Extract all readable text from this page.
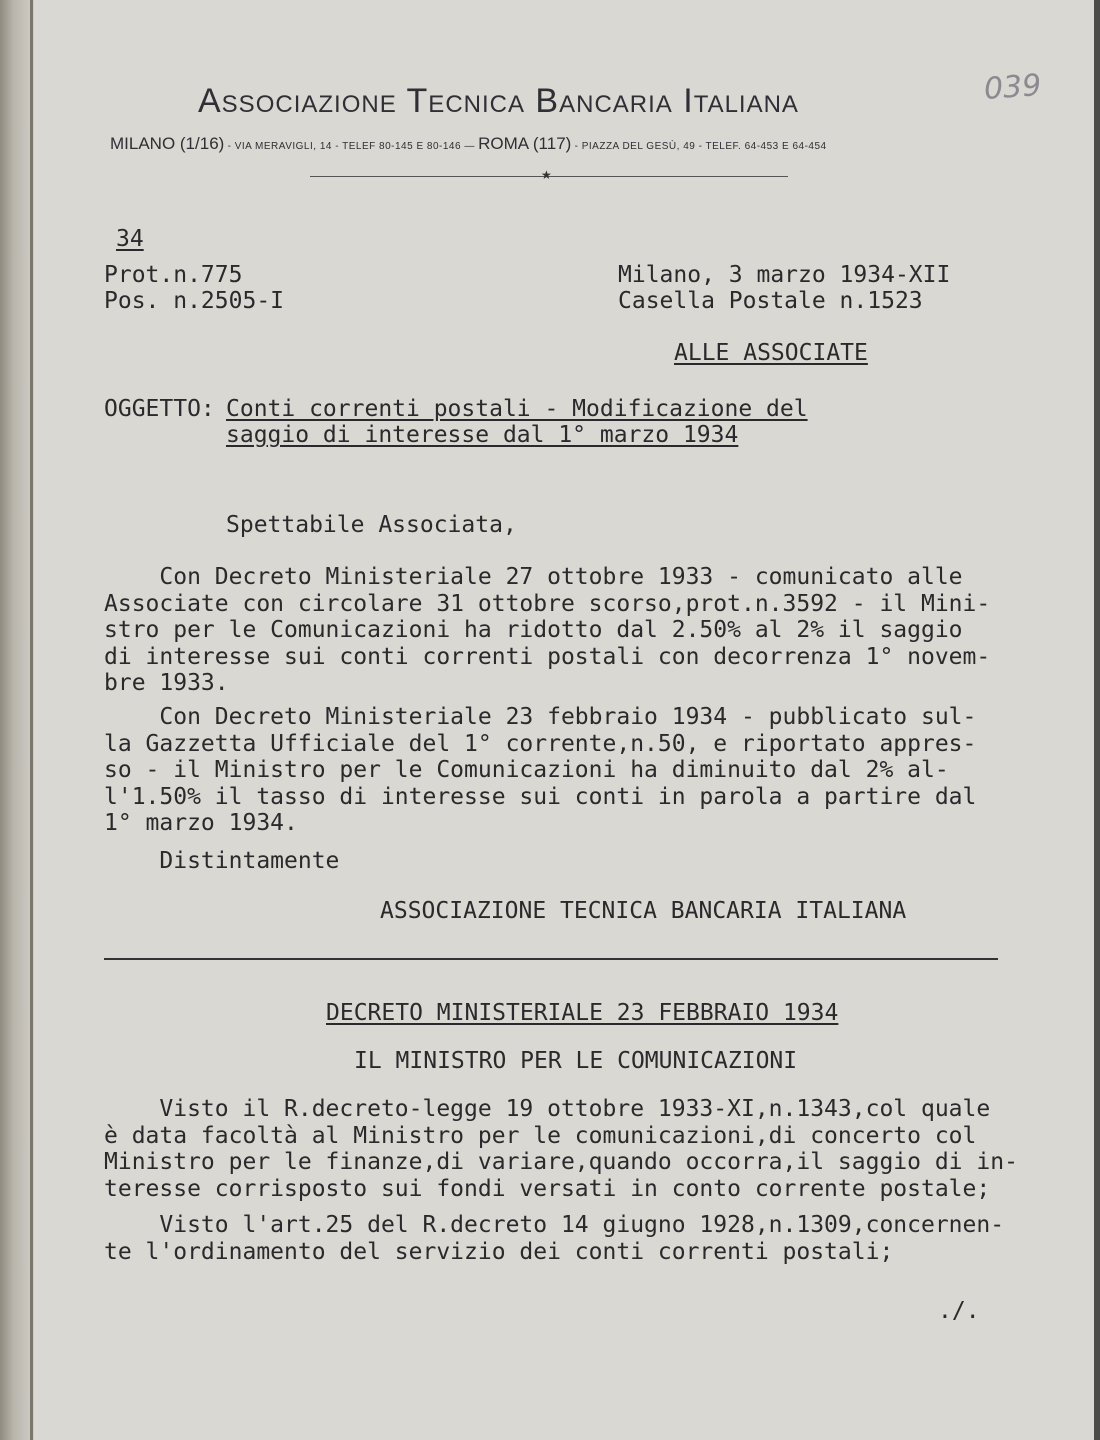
039
Associazione Tecnica Bancaria Italiana
MILANO (1/16) - VIA MERAVIGLI, 14 - TELEF 80-145 E 80-146 — ROMA (117) - PIAZZA DEL GESÙ, 49 - TELEF. 64-453 E 64-454
★
34
Prot.n.775
Pos. n.2505-I
Milano, 3 marzo 1934-XII
Casella Postale n.1523
ALLE ASSOCIATE
OGGETTO:
Conti correnti postali - Modificazione del
saggio di interesse dal 1° marzo 1934
Spettabile Associata,
Con Decreto Ministeriale 27 ottobre 1933 - comunicato alle
Associate con circolare 31 ottobre scorso,prot.n.3592 - il Mini-
stro per le Comunicazioni ha ridotto dal 2.50% al 2% il saggio
di interesse sui conti correnti postali con decorrenza 1° novem-
bre 1933.
Con Decreto Ministeriale 23 febbraio 1934 - pubblicato sul-
la Gazzetta Ufficiale del 1° corrente,n.50, e riportato appres-
so - il Ministro per le Comunicazioni ha diminuito dal 2% al-
l'1.50% il tasso di interesse sui conti in parola a partire dal
1° marzo 1934.
Distintamente
ASSOCIAZIONE TECNICA BANCARIA ITALIANA
DECRETO MINISTERIALE 23 FEBBRAIO 1934
IL MINISTRO PER LE COMUNICAZIONI
Visto il R.decreto-legge 19 ottobre 1933-XI,n.1343,col quale
è data facoltà al Ministro per le comunicazioni,di concerto col
Ministro per le finanze,di variare,quando occorra,il saggio di in-
teresse corrisposto sui fondi versati in conto corrente postale;
Visto l'art.25 del R.decreto 14 giugno 1928,n.1309,concernen-
te l'ordinamento del servizio dei conti correnti postali;
./.
